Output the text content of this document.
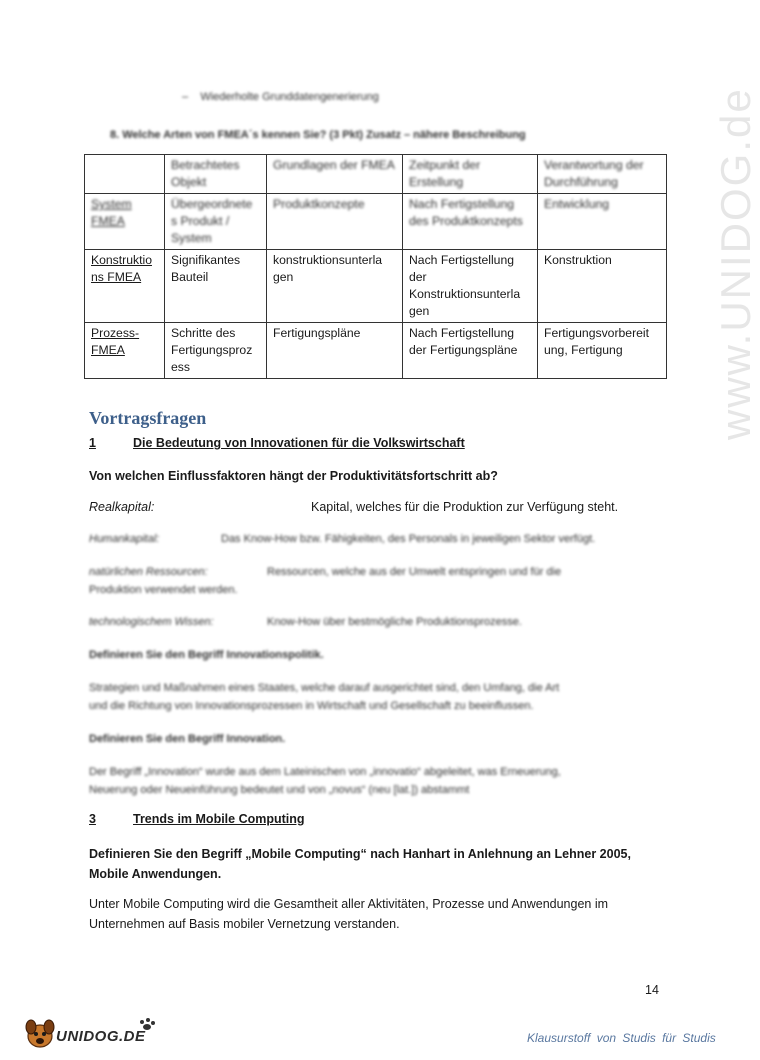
–    Wiederholte Grunddatengenerierung
8. Welche Arten von FMEA´s kennen Sie? (3 Pkt) Zusatz – nähere Beschreibung
	Betrachtetes Objekt	Grundlagen der FMEA	Zeitpunkt der Erstellung	Verantwortung der Durchführung
System FMEA	Übergeordnete s Produkt / System	Produktkonzepte	Nach Fertigstellung des Produktkonzepts	Entwicklung
Konstruktio ns FMEA	Signifikantes Bauteil	konstruktionsunterla gen	Nach Fertigstellung der Konstruktionsunterla gen	Konstruktion
Prozess-FMEA	Schritte des Fertigungsproz ess	Fertigungspläne	Nach Fertigstellung der Fertigungspläne	Fertigungsvorbereit ung, Fertigung
Vortragsfragen
1	Die Bedeutung von Innovationen für die Volkswirtschaft
Von welchen Einflussfaktoren hängt der Produktivitätsfortschritt ab?
Realkapital:	Kapital, welches für die Produktion zur Verfügung steht.
Humankapital:	Das Know-How bzw. Fähigkeiten, des Personals in jeweiligen Sektor verfügt.
natürlichen Ressourcen:	Ressourcen, welche aus der Umwelt entspringen und für die
Produktion verwendet werden.
technologischem Wissen:	Know-How über bestmögliche Produktionsprozesse.
Definieren Sie den Begriff Innovationspolitik.
Strategien und Maßnahmen eines Staates, welche darauf ausgerichtet sind, den Umfang, die Art
und die Richtung von Innovationsprozessen in Wirtschaft und Gesellschaft zu beeinflussen.
Definieren Sie den Begriff Innovation.
Der Begriff „Innovation“ wurde aus dem Lateinischen von „innovatio“ abgeleitet, was Erneuerung,
Neuerung oder Neueinführung bedeutet und von „novus“ (neu [lat.]) abstammt
3	Trends im Mobile Computing
Definieren Sie den Begriff „Mobile Computing“ nach Hanhart in Anlehnung an Lehner 2005, Mobile Anwendungen.
Unter Mobile Computing wird die Gesamtheit aller Aktivitäten, Prozesse und Anwendungen im Unternehmen auf Basis mobiler Vernetzung verstanden.
14
www.UNIDOG.de
UNIDOG.DE	Klausurstoff von Studis für Studis
